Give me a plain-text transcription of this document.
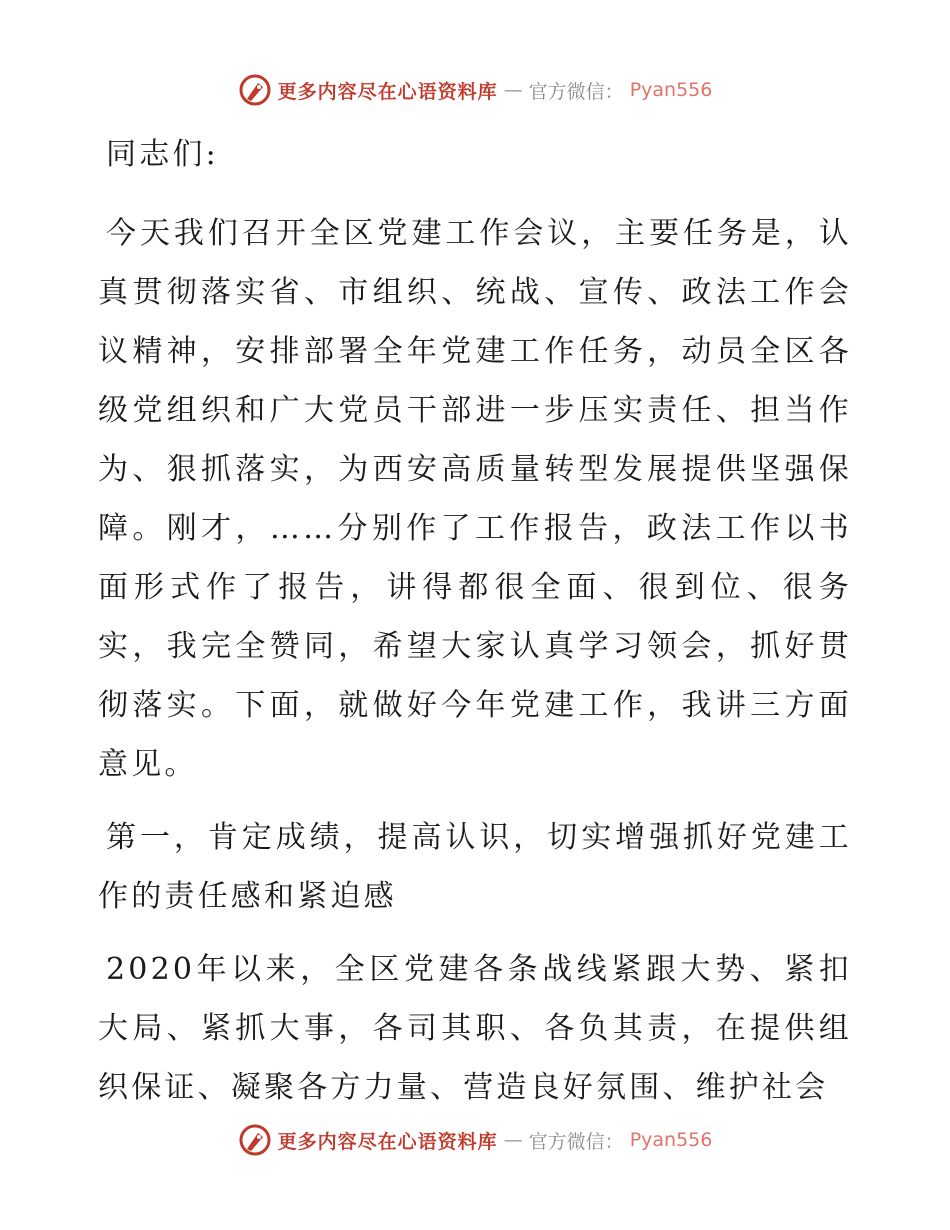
更多内容尽在心语资料库 — 官方微信： Pyan556

同志们:

今天我们召开全区党建工作会议，主要任务是，认真贯彻落实省、市组织、统战、宣传、政法工作会议精神，安排部署全年党建工作任务，动员全区各级党组织和广大党员干部进一步压实责任、担当作为、狠抓落实，为西安高质量转型发展提供坚强保障。刚才，……分别作了工作报告，政法工作以书面形式作了报告，讲得都很全面、很到位、很务实，我完全赞同，希望大家认真学习领会，抓好贯彻落实。下面，就做好今年党建工作，我讲三方面意见。

第一，肯定成绩，提高认识，切实增强抓好党建工作的责任感和紧迫感

2020年以来，全区党建各条战线紧跟大势、紧扣大局、紧抓大事，各司其职、各负其责，在提供组织保证、凝聚各方力量、营造良好氛围、维护社会

更多内容尽在心语资料库 — 官方微信： Pyan556
